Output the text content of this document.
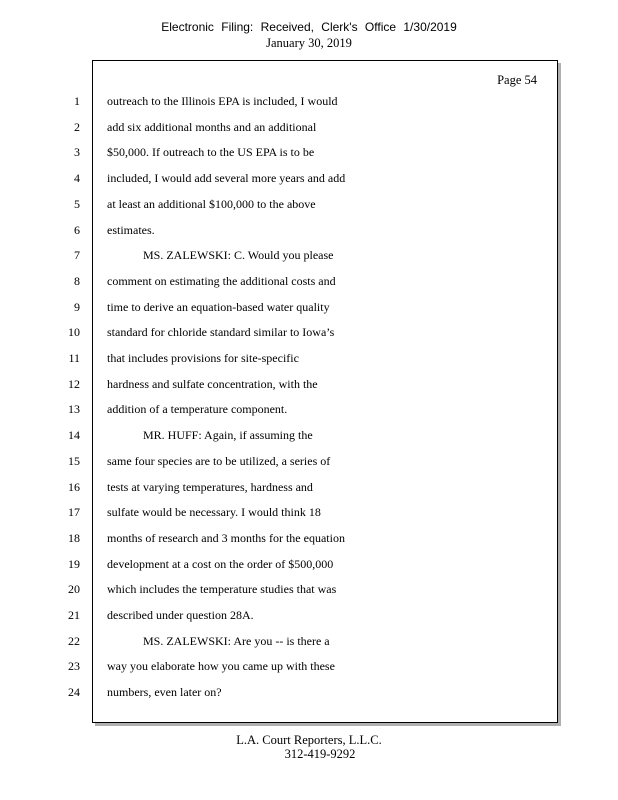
Electronic Filing: Received, Clerk's Office 1/30/2019
January 30, 2019
Page 54
1 outreach to the Illinois EPA is included, I would
2 add six additional months and an additional
3 $50,000. If outreach to the US EPA is to be
4 included, I would add several more years and add
5 at least an additional $100,000 to the above
6 estimates.
7	MS. ZALEWSKI: C. Would you please
8 comment on estimating the additional costs and
9 time to derive an equation-based water quality
10 standard for chloride standard similar to Iowa’s
11 that includes provisions for site-specific
12 hardness and sulfate concentration, with the
13 addition of a temperature component.
14	MR. HUFF: Again, if assuming the
15 same four species are to be utilized, a series of
16 tests at varying temperatures, hardness and
17 sulfate would be necessary. I would think 18
18 months of research and 3 months for the equation
19 development at a cost on the order of $500,000
20 which includes the temperature studies that was
21 described under question 28A.
22	MS. ZALEWSKI: Are you -- is there a
23 way you elaborate how you came up with these
24 numbers, even later on?
L.A. Court Reporters, L.L.C.
312-419-9292
